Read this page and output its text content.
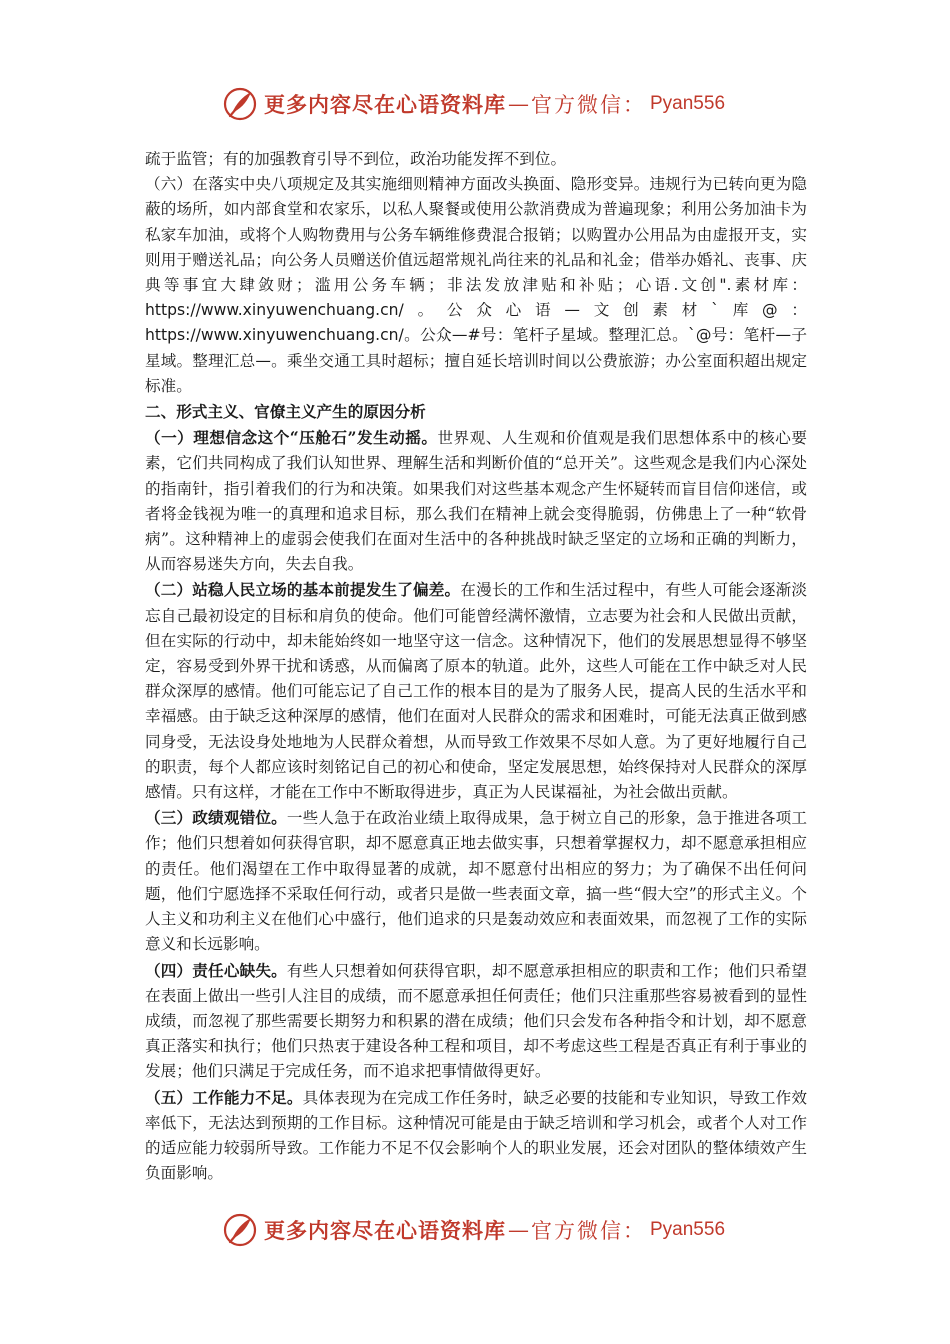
更多内容尽在心语资料库 — 官方微信： Pyan556

疏于监管；有的加强教育引导不到位，政治功能发挥不到位。

（六）在落实中央八项规定及其实施细则精神方面改头换面、隐形变异。违规行为已转向更为隐蔽的场所，如内部食堂和农家乐，以私人聚餐或使用公款消费成为普遍现象；利用公务加油卡为私家车加油，或将个人购物费用与公务车辆维修费混合报销；以购置办公用品为由虚报开支，实则用于赠送礼品；向公务人员赠送价值远超常规礼尚往来的礼品和礼金；借举办婚礼、丧事、庆典等事宜大肆敛财；滥用公务车辆；非法发放津贴和补贴；心语.文创".素材库：https://www.xinyuwenchuang.cn/。公众心语—文创素材`库@：https://www.xinyuwenchuang.cn/。公众—#号：笔杆子星域。整理汇总。`@号：笔杆—子星域。整理汇总—。乘坐交通工具时超标；擅自延长培训时间以公费旅游；办公室面积超出规定标准。

二、形式主义、官僚主义产生的原因分析

（一）理想信念这个“压舱石”发生动摇。世界观、人生观和价值观是我们思想体系中的核心要素，它们共同构成了我们认知世界、理解生活和判断价值的“总开关”。这些观念是我们内心深处的指南针，指引着我们的行为和决策。如果我们对这些基本观念产生怀疑转而盲目信仰迷信，或者将金钱视为唯一的真理和追求目标，那么我们在精神上就会变得脆弱，仿佛患上了一种“软骨病”。这种精神上的虚弱会使我们在面对生活中的各种挑战时缺乏坚定的立场和正确的判断力，从而容易迷失方向，失去自我。

（二）站稳人民立场的基本前提发生了偏差。在漫长的工作和生活过程中，有些人可能会逐渐淡忘自己最初设定的目标和肩负的使命。他们可能曾经满怀激情，立志要为社会和人民做出贡献，但在实际的行动中，却未能始终如一地坚守这一信念。这种情况下，他们的发展思想显得不够坚定，容易受到外界干扰和诱惑，从而偏离了原本的轨道。此外，这些人可能在工作中缺乏对人民群众深厚的感情。他们可能忘记了自己工作的根本目的是为了服务人民，提高人民的生活水平和幸福感。由于缺乏这种深厚的感情，他们在面对人民群众的需求和困难时，可能无法真正做到感同身受，无法设身处地地为人民群众着想，从而导致工作效果不尽如人意。为了更好地履行自己的职责，每个人都应该时刻铭记自己的初心和使命，坚定发展思想，始终保持对人民群众的深厚感情。只有这样，才能在工作中不断取得进步，真正为人民谋福祉，为社会做出贡献。

（三）政绩观错位。一些人急于在政治业绩上取得成果，急于树立自己的形象，急于推进各项工作；他们只想着如何获得官职，却不愿意真正地去做实事，只想着掌握权力，却不愿意承担相应的责任。他们渴望在工作中取得显著的成就，却不愿意付出相应的努力；为了确保不出任何问题，他们宁愿选择不采取任何行动，或者只是做一些表面文章，搞一些“假大空”的形式主义。个人主义和功利主义在他们心中盛行，他们追求的只是轰动效应和表面效果，而忽视了工作的实际意义和长远影响。

（四）责任心缺失。有些人只想着如何获得官职，却不愿意承担相应的职责和工作；他们只希望在表面上做出一些引人注目的成绩，而不愿意承担任何责任；他们只注重那些容易被看到的显性成绩，而忽视了那些需要长期努力和积累的潜在成绩；他们只会发布各种指令和计划，却不愿意真正落实和执行；他们只热衷于建设各种工程和项目，却不考虑这些工程是否真正有利于事业的发展；他们只满足于完成任务，而不追求把事情做得更好。

（五）工作能力不足。具体表现为在完成工作任务时，缺乏必要的技能和专业知识，导致工作效率低下，无法达到预期的工作目标。这种情况可能是由于缺乏培训和学习机会，或者个人对工作的适应能力较弱所导致。工作能力不足不仅会影响个人的职业发展，还会对团队的整体绩效产生负面影响。

更多内容尽在心语资料库 — 官方微信： Pyan556
